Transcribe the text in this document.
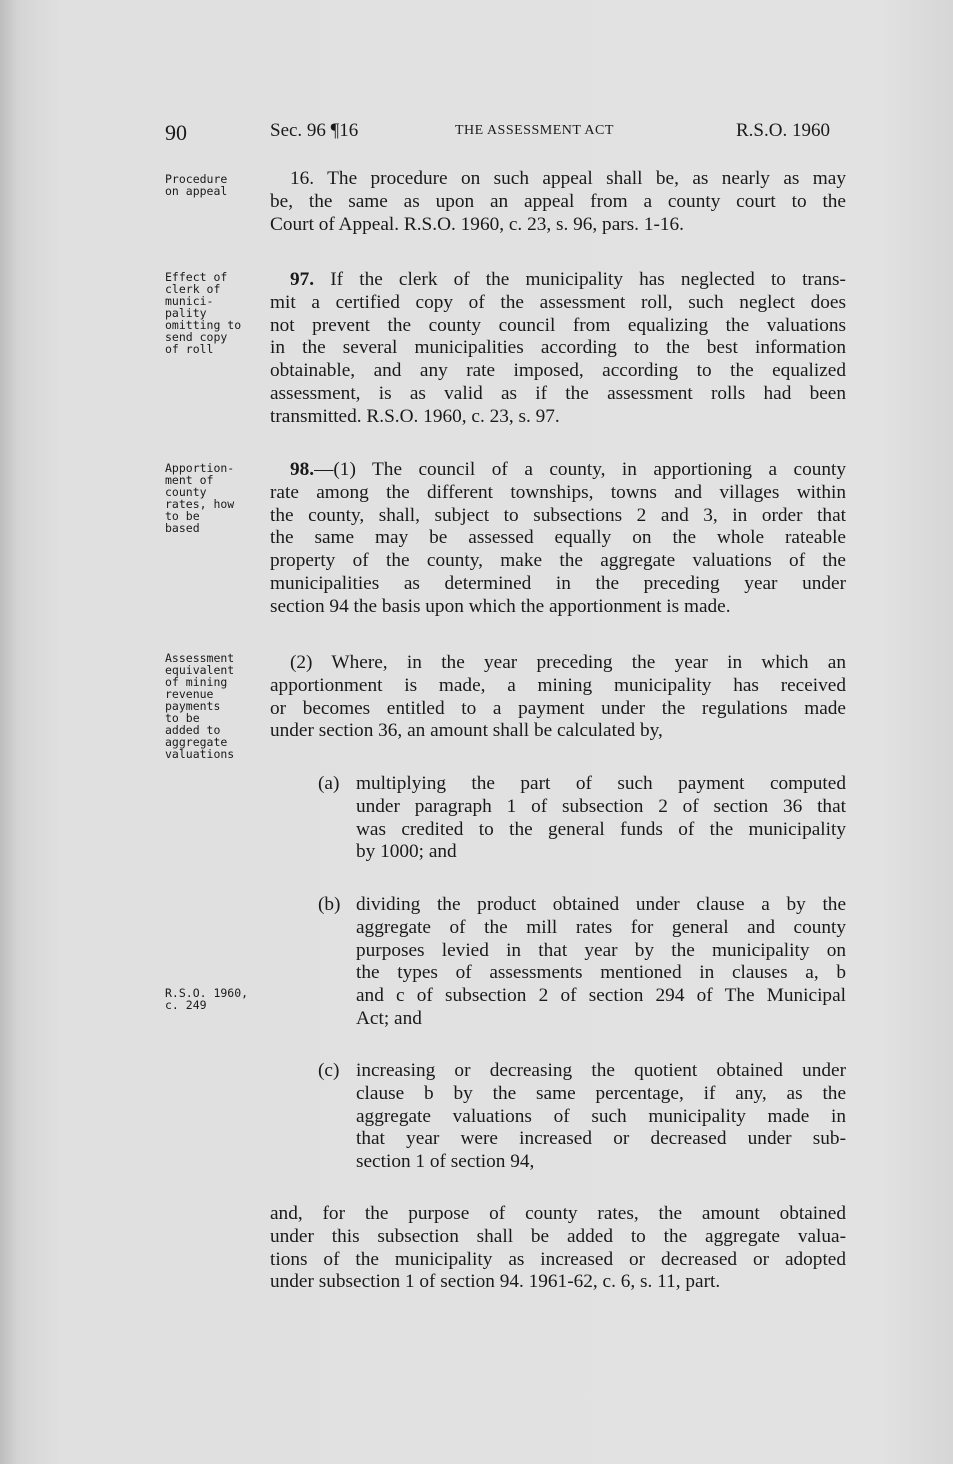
90	Sec. 96 ¶16	THE ASSESSMENT ACT	R.S.O. 1960
Procedure
on appeal
Effect of
clerk of
munici-
pality
omitting to
send copy
of roll
Apportion-
ment of
county
rates, how
to be
based
Assessment
equivalent
of mining
revenue
payments
to be
added to
aggregate
valuations
R.S.O. 1960,
c. 249
16. The procedure on such appeal shall be, as nearly as may
be, the same as upon an appeal from a county court to the
Court of Appeal. R.S.O. 1960, c. 23, s. 96, pars. 1-16.
97. If the clerk of the municipality has neglected to trans-
mit a certified copy of the assessment roll, such neglect does
not prevent the county council from equalizing the valuations
in the several municipalities according to the best information
obtainable, and any rate imposed, according to the equalized
assessment, is as valid as if the assessment rolls had been
transmitted. R.S.O. 1960, c. 23, s. 97.
98.—(1) The council of a county, in apportioning a county
rate among the different townships, towns and villages within
the county, shall, subject to subsections 2 and 3, in order that
the same may be assessed equally on the whole rateable
property of the county, make the aggregate valuations of the
municipalities as determined in the preceding year under
section 94 the basis upon which the apportionment is made.
(2) Where, in the year preceding the year in which an
apportionment is made, a mining municipality has received
or becomes entitled to a payment under the regulations made
under section 36, an amount shall be calculated by,
(a) multiplying the part of such payment computed
under paragraph 1 of subsection 2 of section 36 that
was credited to the general funds of the municipality
by 1000; and
(b) dividing the product obtained under clause a by the
aggregate of the mill rates for general and county
purposes levied in that year by the municipality on
the types of assessments mentioned in clauses a, b
and c of subsection 2 of section 294 of The Municipal
Act; and
(c) increasing or decreasing the quotient obtained under
clause b by the same percentage, if any, as the
aggregate valuations of such municipality made in
that year were increased or decreased under sub-
section 1 of section 94,
and, for the purpose of county rates, the amount obtained
under this subsection shall be added to the aggregate valua-
tions of the municipality as increased or decreased or adopted
under subsection 1 of section 94. 1961-62, c. 6, s. 11, part.
